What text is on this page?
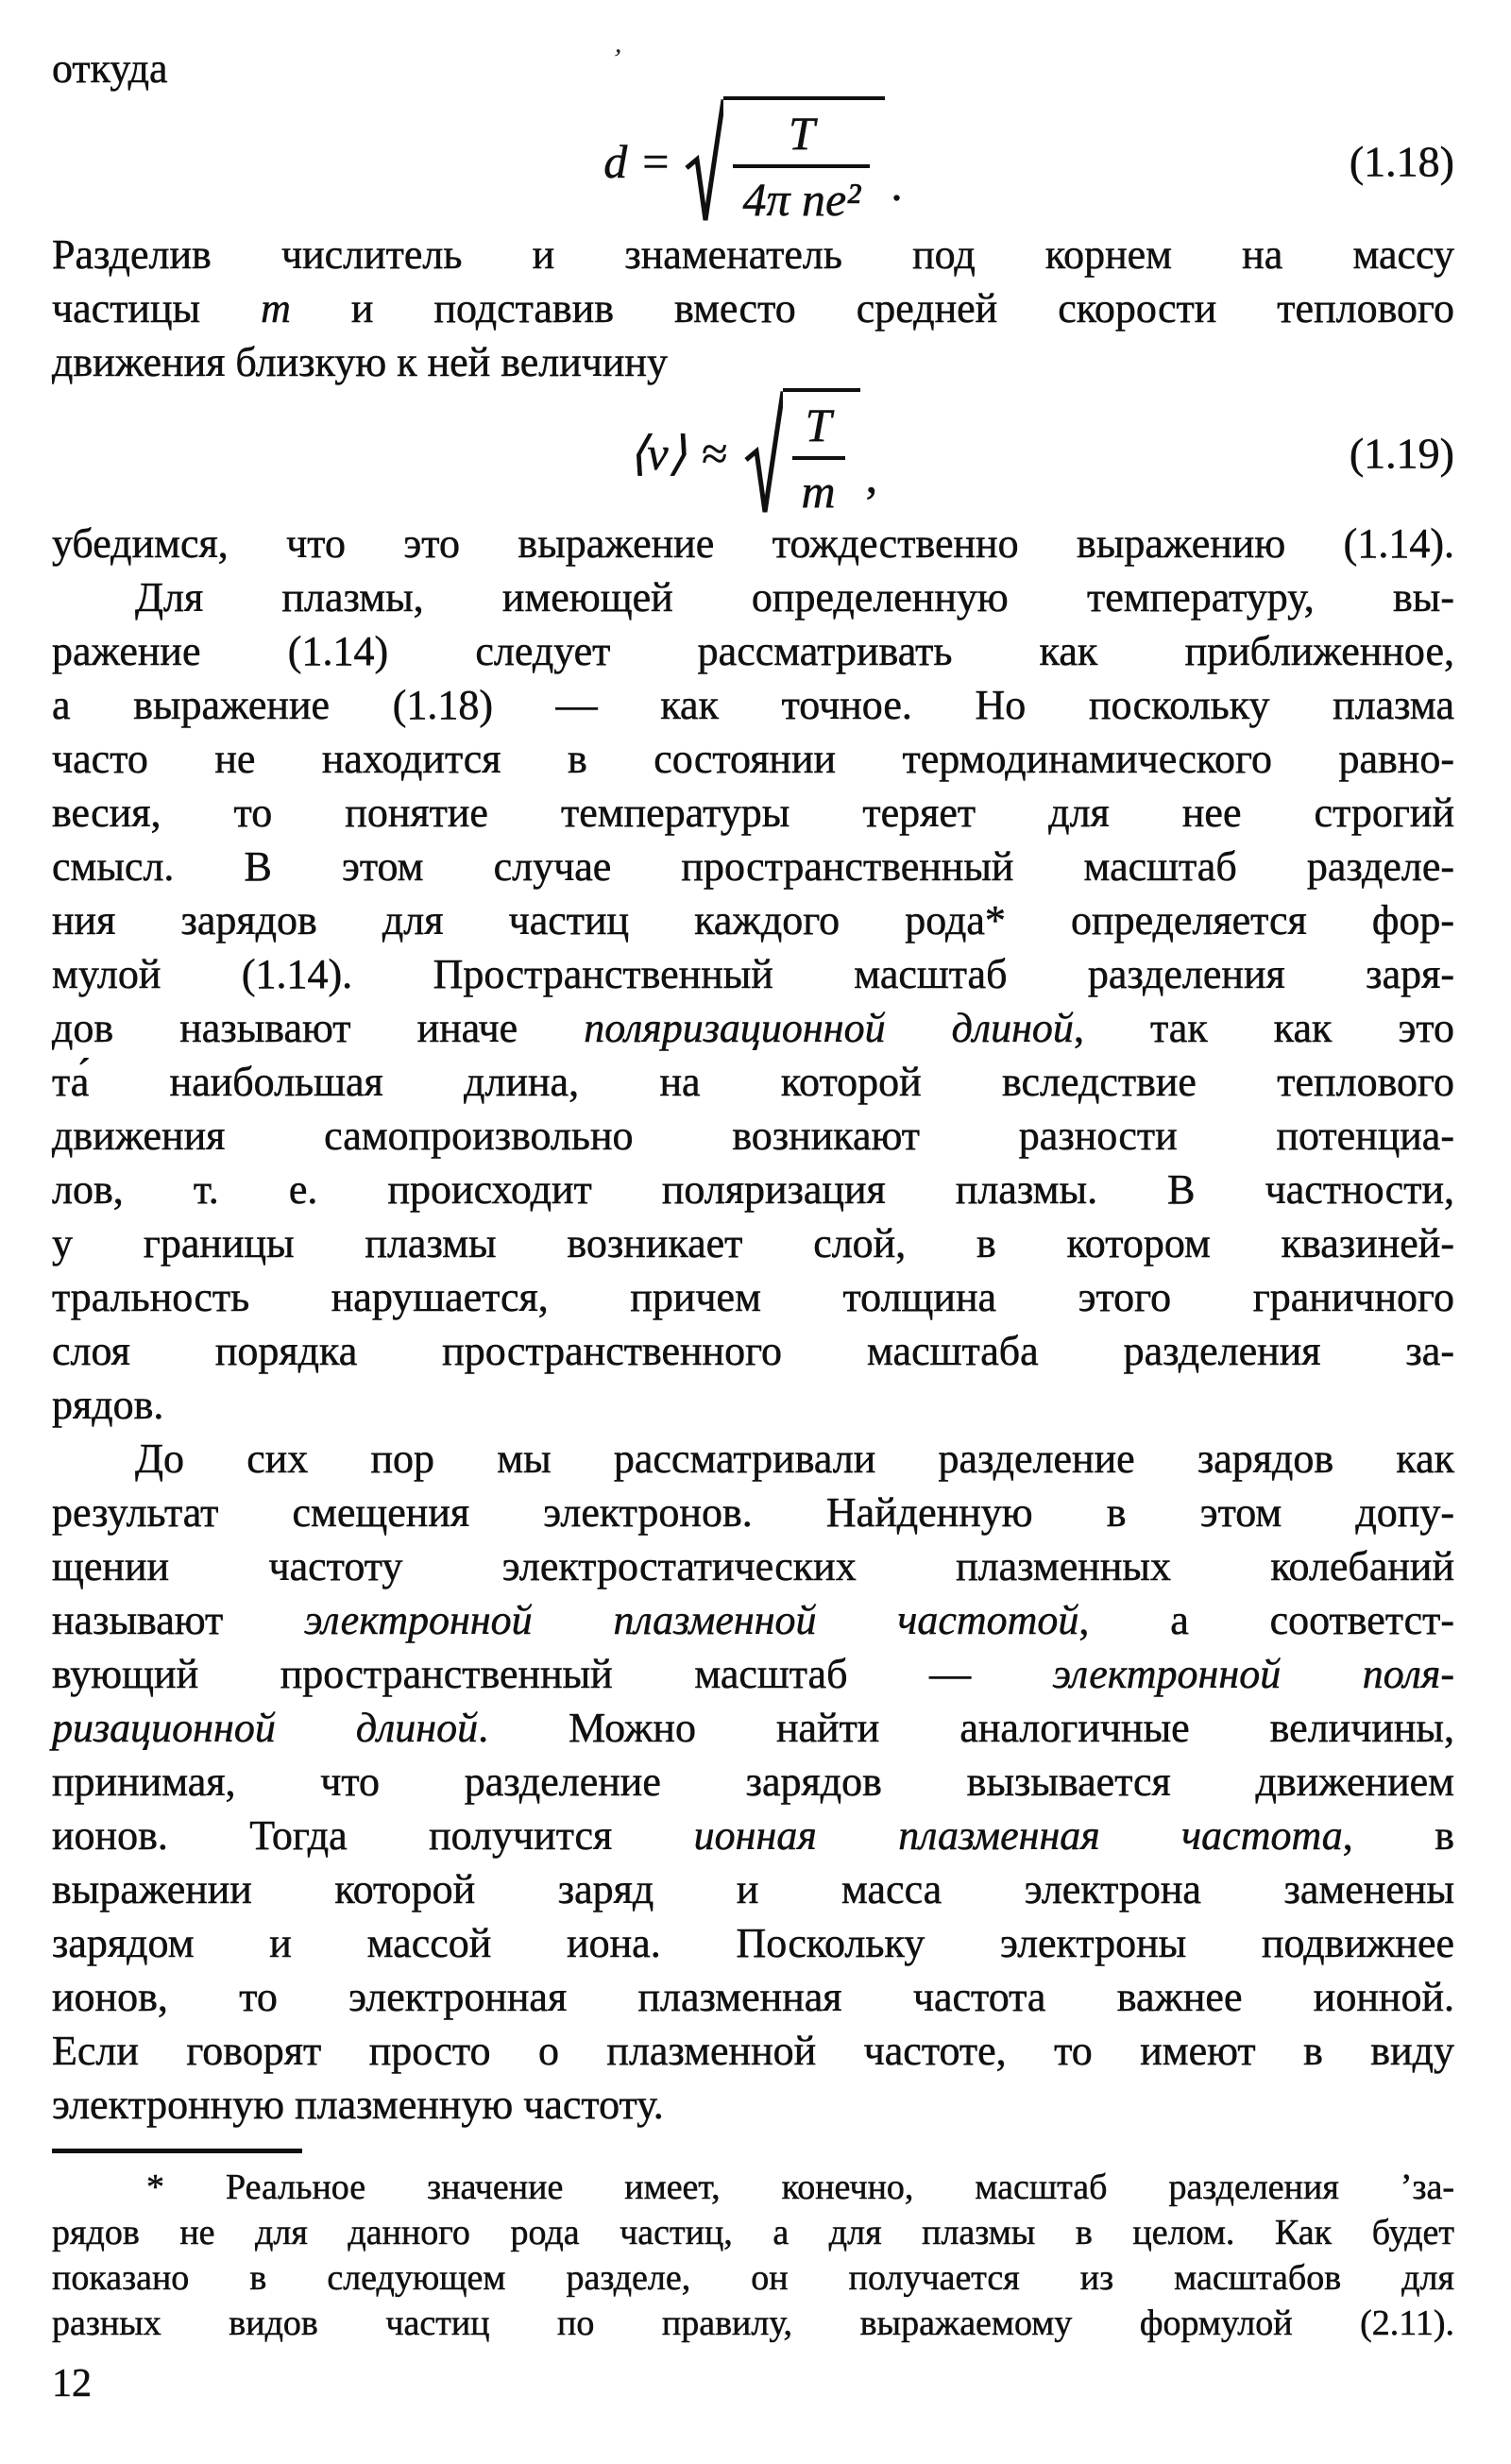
ʼ
откуда
$d = \frac{T}{\text{4π ne²}}$ .	(1.18)
Разделив числитель и знаменатель под корнем на массу
частицы m и подставив вместо средней скорости теплового
движения близкую к ней величину
⟨v⟩ ≈ $\frac{T}{m}$ ,	(1.19)
убедимся, что это выражение тождественно выражению (1.14).
Для плазмы, имеющей определенную температуру, вы-
ражение (1.14) следует рассматривать как приближенное,
а выражение (1.18) — как точное. Но поскольку плазма
часто не находится в состоянии термодинамического равно-
весия, то понятие температуры теряет для нее строгий
смысл. В этом случае пространственный масштаб разделе-
ния зарядов для частиц каждого рода* определяется фор-
мулой (1.14). Пространственный масштаб разделения заря-
дов называют иначе поляризационной длиной, так как это
та́ наибольшая длина, на которой вследствие теплового
движения самопроизвольно возникают разности потенциа-
лов, т. е. происходит поляризация плазмы. В частности,
у границы плазмы возникает слой, в котором квазиней-
тральность нарушается, причем толщина этого граничного
слоя порядка пространственного масштаба разделения за-
рядов.
До сих пор мы рассматривали разделение зарядов как
результат смещения электронов. Найденную в этом допу-
щении частоту электростатических плазменных колебаний
называют электронной плазменной частотой, а соответст-
вующий пространственный масштаб — электронной поля-
ризационной длиной. Можно найти аналогичные величины,
принимая, что разделение зарядов вызывается движением
ионов. Тогда получится ионная плазменная частота, в
выражении которой заряд и масса электрона заменены
зарядом и массой иона. Поскольку электроны подвижнее
ионов, то электронная плазменная частота важнее ионной.
Если говорят просто о плазменной частоте, то имеют в виду
электронную плазменную частоту.
* Реальное значение имеет, конечно, масштаб разделения ʼза-
рядов не для данного рода частиц, а для плазмы в целом. Как будет
показано в следующем разделе, он получается из масштабов для
разных видов частиц по правилу, выражаемому формулой (2.11).
12
